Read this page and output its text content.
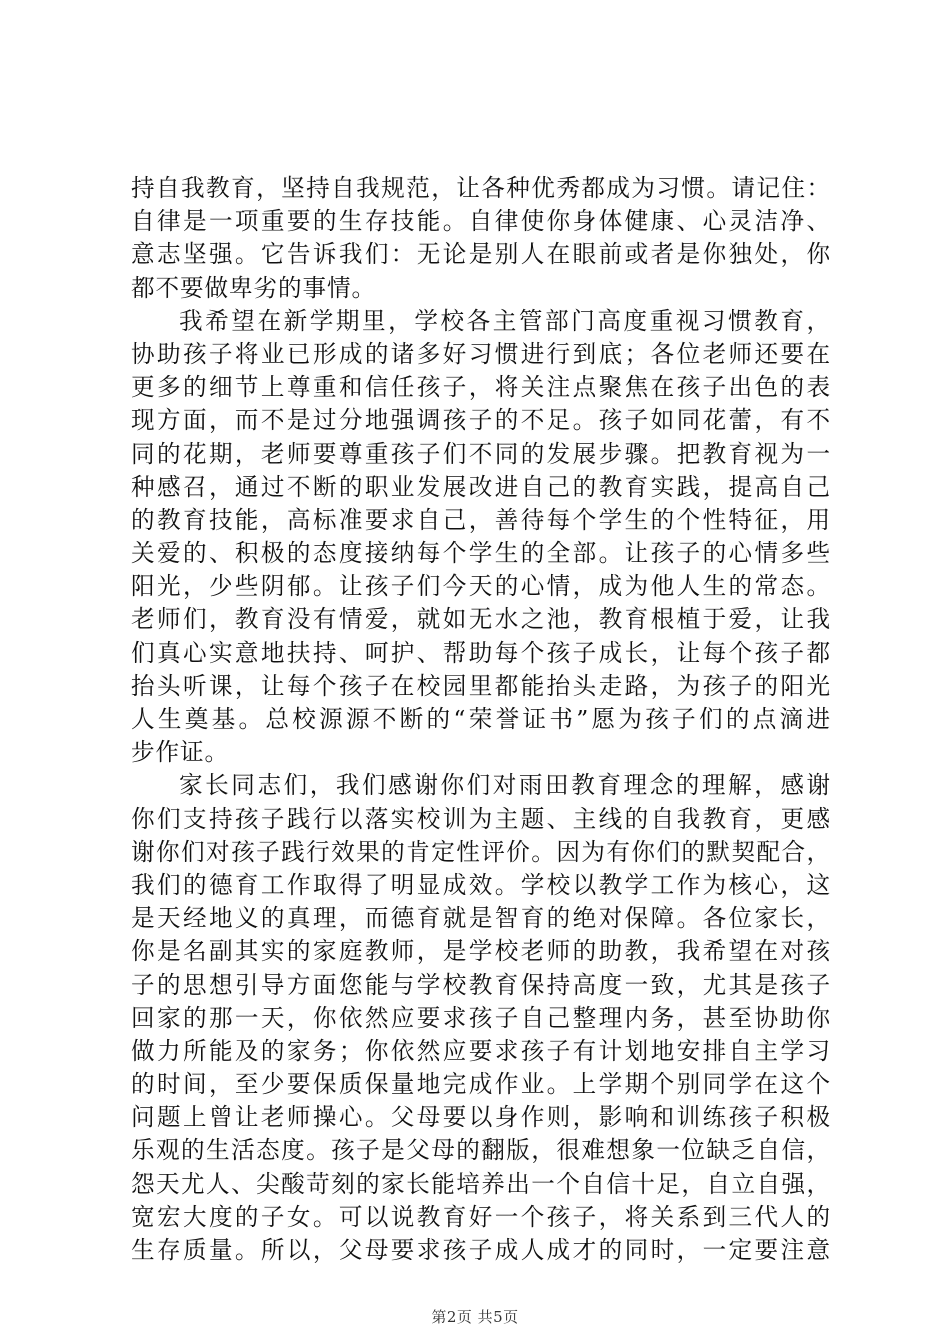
持自我教育，坚持自我规范，让各种优秀都成为习惯。请记住：
自律是一项重要的生存技能。自律使你身体健康、心灵洁净、
意志坚强。它告诉我们：无论是别人在眼前或者是你独处，你
都不要做卑劣的事情。
我希望在新学期里，学校各主管部门高度重视习惯教育，
协助孩子将业已形成的诸多好习惯进行到底；各位老师还要在
更多的细节上尊重和信任孩子，将关注点聚焦在孩子出色的表
现方面，而不是过分地强调孩子的不足。孩子如同花蕾，有不
同的花期，老师要尊重孩子们不同的发展步骤。把教育视为一
种感召，通过不断的职业发展改进自己的教育实践，提高自己
的教育技能，高标准要求自己，善待每个学生的个性特征，用
关爱的、积极的态度接纳每个学生的全部。让孩子的心情多些
阳光，少些阴郁。让孩子们今天的心情，成为他人生的常态。
老师们，教育没有情爱，就如无水之池，教育根植于爱，让我
们真心实意地扶持、呵护、帮助每个孩子成长，让每个孩子都
抬头听课，让每个孩子在校园里都能抬头走路，为孩子的阳光
人生奠基。总校源源不断的“荣誉证书”愿为孩子们的点滴进
步作证。
家长同志们，我们感谢你们对雨田教育理念的理解，感谢
你们支持孩子践行以落实校训为主题、主线的自我教育，更感
谢你们对孩子践行效果的肯定性评价。因为有你们的默契配合，
我们的德育工作取得了明显成效。学校以教学工作为核心，这
是天经地义的真理，而德育就是智育的绝对保障。各位家长，
你是名副其实的家庭教师，是学校老师的助教，我希望在对孩
子的思想引导方面您能与学校教育保持高度一致，尤其是孩子
回家的那一天，你依然应要求孩子自己整理内务，甚至协助你
做力所能及的家务；你依然应要求孩子有计划地安排自主学习
的时间，至少要保质保量地完成作业。上学期个别同学在这个
问题上曾让老师操心。父母要以身作则，影响和训练孩子积极
乐观的生活态度。孩子是父母的翻版，很难想象一位缺乏自信，
怨天尤人、尖酸苛刻的家长能培养出一个自信十足，自立自强，
宽宏大度的子女。可以说教育好一个孩子，将关系到三代人的
生存质量。所以，父母要求孩子成人成才的同时，一定要注意
第2页 共5页
